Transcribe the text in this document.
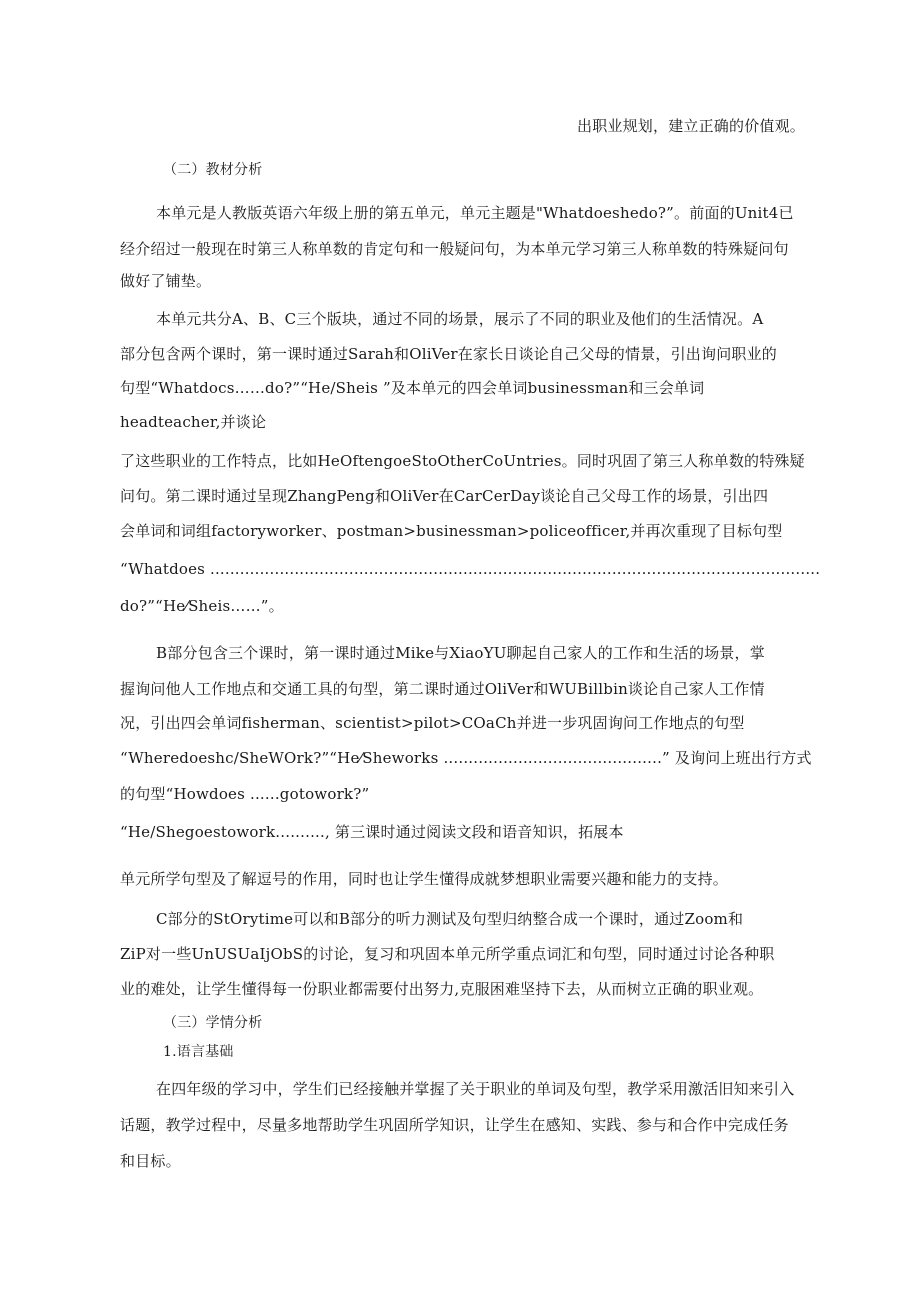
出职业规划，建立正确的价值观。
（二）教材分析
本单元是人教版英语六年级上册的第五单元，单元主题是"Whatdoeshedo?”。前面的Unit4已
经介绍过一般现在时第三人称单数的肯定句和一般疑问句，为本单元学习第三人称单数的特殊疑问句
做好了铺垫。
本单元共分A、B、C三个版块，通过不同的场景，展示了不同的职业及他们的生活情况。A
部分包含两个课时，第一课时通过Sarah和OliVer在家长日谈论自己父母的情景，引出询问职业的
句型“Whatdocs……do?”“He/Sheis ”及本单元的四会单词businessman和三会单词
headteacher,并谈论
了这些职业的工作特点，比如HeOftengoeStoOtherCoUntries。同时巩固了第三人称单数的特殊疑
问句。第二课时通过呈现ZhangPeng和OliVer在CarCerDay谈论自己父母工作的场景，引出四
会单词和词组factoryworker、postman>businessman>policeofficer,并再次重现了目标句型
“Whatdoes ...........................................................................................................................
do?”“He⁄Sheis……”。
B部分包含三个课时，第一课时通过Mike与XiaoYU聊起自己家人的工作和生活的场景，掌
握询问他人工作地点和交通工具的句型，第二课时通过OliVer和WUBillbin谈论自己家人工作情
况，引出四会单词fisherman、scientist>pilot>COaCh并进一步巩固询问工作地点的句型
“Wheredoeshc/SheWOrk?”“He⁄Sheworks ............................................” 及询问上班出行方式
的句型“Howdoes ......gotowork?”
“He/Shegoestowork.........., 第三课时通过阅读文段和语音知识，拓展本
单元所学句型及了解逗号的作用，同时也让学生懂得成就梦想职业需要兴趣和能力的支持。
C部分的StOrytime可以和B部分的听力测试及句型归纳整合成一个课时，通过Zoom和
ZiP对一些UnUSUaIjObS的讨论，复习和巩固本单元所学重点词汇和句型，同时通过讨论各种职
业的难处，让学生懂得每一份职业都需要付出努力,克服困难坚持下去，从而树立正确的职业观。
（三）学情分析
1.语言基础
在四年级的学习中，学生们已经接触并掌握了关于职业的单词及句型，教学采用激活旧知来引入
话题，教学过程中，尽量多地帮助学生巩固所学知识，让学生在感知、实践、参与和合作中完成任务
和目标。
